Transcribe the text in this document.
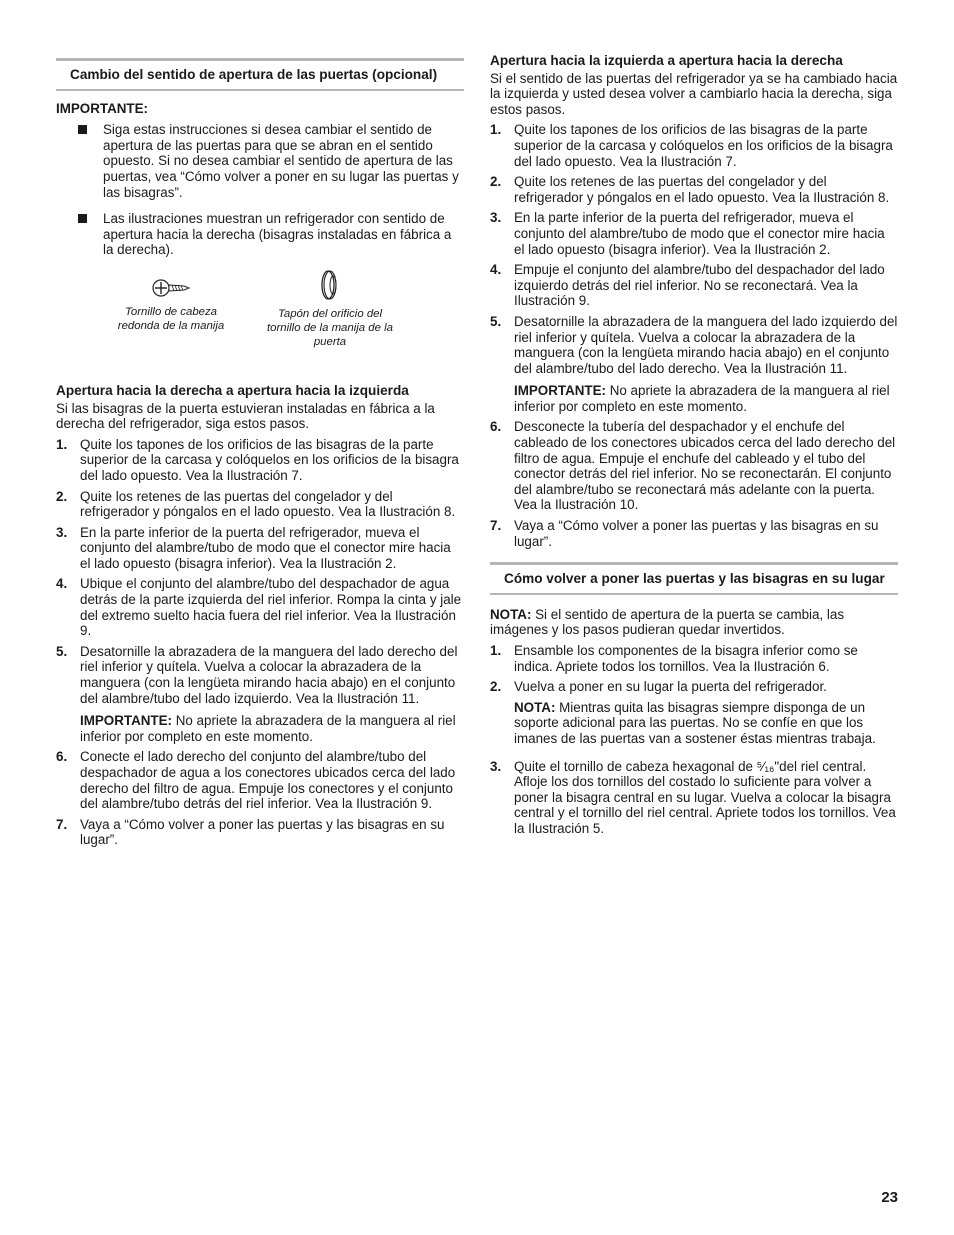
Cambio del sentido de apertura de las puertas (opcional)

IMPORTANTE:

Siga estas instrucciones si desea cambiar el sentido de apertura de las puertas para que se abran en el sentido opuesto. Si no desea cambiar el sentido de apertura de las puertas, vea “Cómo volver a poner en su lugar las puertas y las bisagras”.
Las ilustraciones muestran un refrigerador con sentido de apertura hacia la derecha (bisagras instaladas en fábrica a la derecha).
Tornillo de cabeza redonda de la manija
Tapón del orificio del tornillo de la manija de la puerta

Apertura hacia la derecha a apertura hacia la izquierda

Si las bisagras de la puerta estuvieran instaladas en fábrica a la derecha del refrigerador, siga estos pasos.

1. Quite los tapones de los orificios de las bisagras de la parte superior de la carcasa y colóquelos en los orificios de la bisagra del lado opuesto. Vea la Ilustración 7.
2. Quite los retenes de las puertas del congelador y del refrigerador y póngalos en el lado opuesto. Vea la Ilustración 8.
3. En la parte inferior de la puerta del refrigerador, mueva el conjunto del alambre/tubo de modo que el conector mire hacia el lado opuesto (bisagra inferior). Vea la Ilustración 2.
4. Ubique el conjunto del alambre/tubo del despachador de agua detrás de la parte izquierda del riel inferior. Rompa la cinta y jale del extremo suelto hacia fuera del riel inferior. Vea la Ilustración 9.
5. Desatornille la abrazadera de la manguera del lado derecho del riel inferior y quítela. Vuelva a colocar la abrazadera de la manguera (con la lengüeta mirando hacia abajo) en el conjunto del alambre/tubo del lado izquierdo. Vea la Ilustración 11.

IMPORTANTE: No apriete la abrazadera de la manguera al riel inferior por completo en este momento.

6. Conecte el lado derecho del conjunto del alambre/tubo del despachador de agua a los conectores ubicados cerca del lado derecho del filtro de agua. Empuje los conectores y el conjunto del alambre/tubo detrás del riel inferior. Vea la Ilustración 9.
7. Vaya a “Cómo volver a poner las puertas y las bisagras en su lugar”.

Apertura hacia la izquierda a apertura hacia la derecha

Si el sentido de las puertas del refrigerador ya se ha cambiado hacia la izquierda y usted desea volver a cambiarlo hacia la derecha, siga estos pasos.

1. Quite los tapones de los orificios de las bisagras de la parte superior de la carcasa y colóquelos en los orificios de la bisagra del lado opuesto. Vea la Ilustración 7.
2. Quite los retenes de las puertas del congelador y del refrigerador y póngalos en el lado opuesto. Vea la Ilustración 8.
3. En la parte inferior de la puerta del refrigerador, mueva el conjunto del alambre/tubo de modo que el conector mire hacia el lado opuesto (bisagra inferior). Vea la Ilustración 2.
4. Empuje el conjunto del alambre/tubo del despachador del lado izquierdo detrás del riel inferior. No se reconectará. Vea la Ilustración 9.
5. Desatornille la abrazadera de la manguera del lado izquierdo del riel inferior y quítela. Vuelva a colocar la abrazadera de la manguera (con la lengüeta mirando hacia abajo) en el conjunto del alambre/tubo del lado derecho. Vea la Ilustración 11.

IMPORTANTE: No apriete la abrazadera de la manguera al riel inferior por completo en este momento.

6. Desconecte la tubería del despachador y el enchufe del cableado de los conectores ubicados cerca del lado derecho del filtro de agua. Empuje el enchufe del cableado y el tubo del conector detrás del riel inferior. No se reconectarán. El conjunto del alambre/tubo se reconectará más adelante con la puerta. Vea la Ilustración 10.
7. Vaya a “Cómo volver a poner las puertas y las bisagras en su lugar”.
Cómo volver a poner las puertas y las bisagras en su lugar

NOTA: Si el sentido de apertura de la puerta se cambia, las imágenes y los pasos pudieran quedar invertidos.

1. Ensamble los componentes de la bisagra inferior como se indica. Apriete todos los tornillos. Vea la Ilustración 6.
2. Vuelva a poner en su lugar la puerta del refrigerador.

NOTA: Mientras quita las bisagras siempre disponga de un soporte adicional para las puertas. No se confíe en que los imanes de las puertas van a sostener éstas mientras trabaja.

3. Quite el tornillo de cabeza hexagonal de ⁵⁄₁₆"del riel central. Afloje los dos tornillos del costado lo suficiente para volver a poner la bisagra central en su lugar. Vuelva a colocar la bisagra central y el tornillo del riel central. Apriete todos los tornillos. Vea la Ilustración 5.
23
